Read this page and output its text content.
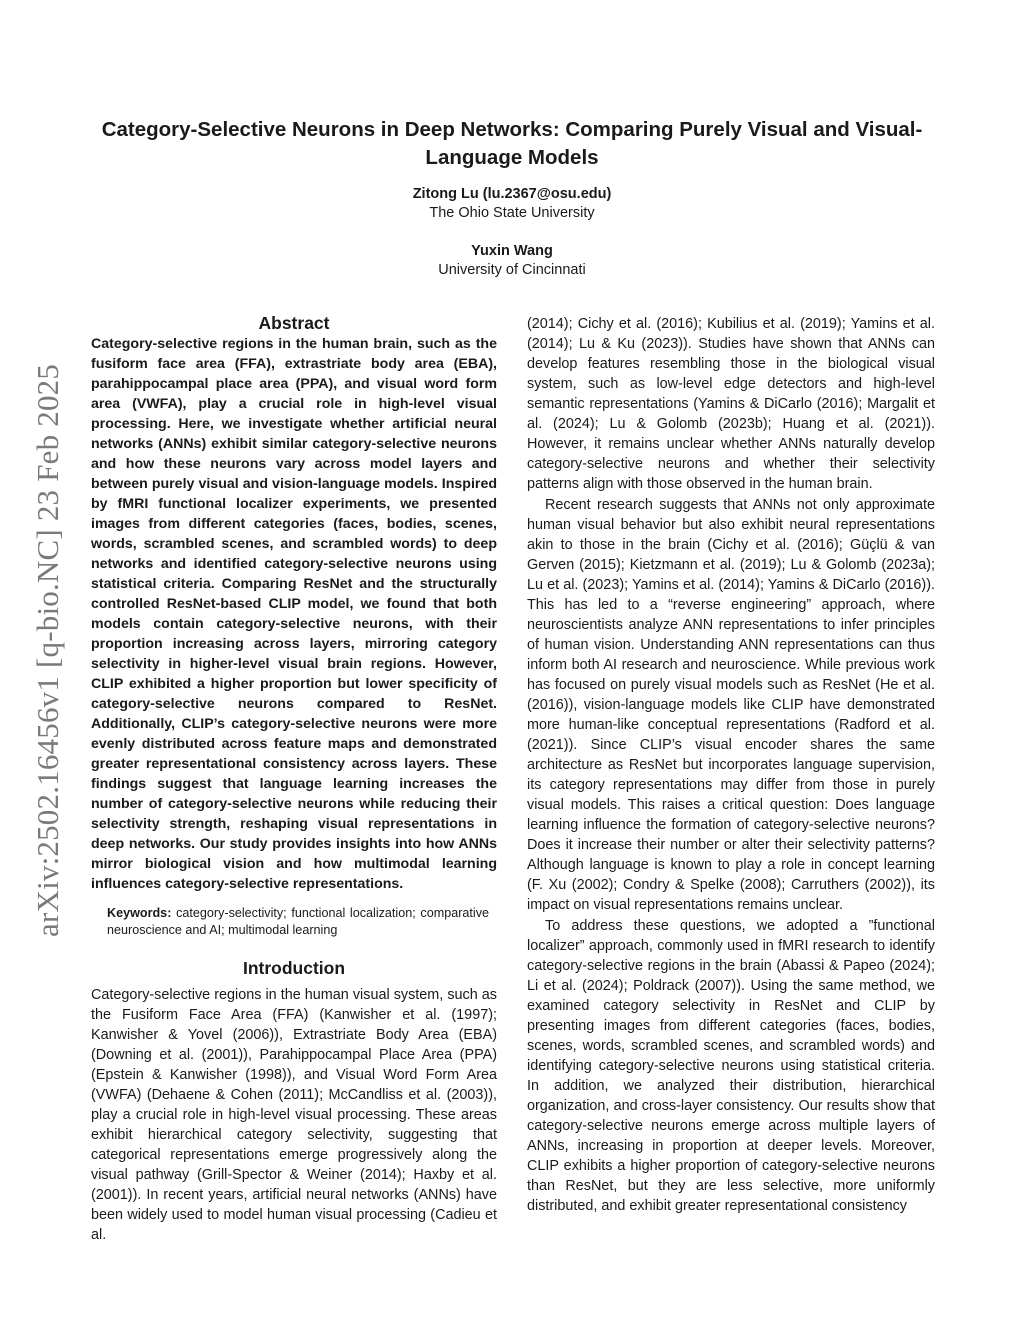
arXiv:2502.16456v1 [q-bio.NC] 23 Feb 2025
Category-Selective Neurons in Deep Networks: Comparing Purely Visual and Visual-Language Models
Zitong Lu (lu.2367@osu.edu)
The Ohio State University
Yuxin Wang
University of Cincinnati

Abstract

Category-selective regions in the human brain, such as the fusiform face area (FFA), extrastriate body area (EBA), parahippocampal place area (PPA), and visual word form area (VWFA), play a crucial role in high-level visual processing. Here, we investigate whether artificial neural networks (ANNs) exhibit similar category-selective neurons and how these neurons vary across model layers and between purely visual and vision-language models. Inspired by fMRI functional localizer experiments, we presented images from different categories (faces, bodies, scenes, words, scrambled scenes, and scrambled words) to deep networks and identified category-selective neurons using statistical criteria. Comparing ResNet and the structurally controlled ResNet-based CLIP model, we found that both models contain category-selective neurons, with their proportion increasing across layers, mirroring category selectivity in higher-level visual brain regions. However, CLIP exhibited a higher proportion but lower specificity of category-selective neurons compared to ResNet. Additionally, CLIP’s category-selective neurons were more evenly distributed across feature maps and demonstrated greater representational consistency across layers. These findings suggest that language learning increases the number of category-selective neurons while reducing their selectivity strength, reshaping visual representations in deep networks. Our study provides insights into how ANNs mirror biological vision and how multimodal learning influences category-selective representations.

Keywords: category-selectivity; functional localization; comparative neuroscience and AI; multimodal learning

Introduction

Category-selective regions in the human visual system, such as the Fusiform Face Area (FFA) (Kanwisher et al. (1997); Kanwisher & Yovel (2006)), Extrastriate Body Area (EBA) (Downing et al. (2001)), Parahippocampal Place Area (PPA) (Epstein & Kanwisher (1998)), and Visual Word Form Area (VWFA) (Dehaene & Cohen (2011); McCandliss et al. (2003)), play a crucial role in high-level visual processing. These areas exhibit hierarchical category selectivity, suggesting that categorical representations emerge progressively along the visual pathway (Grill-Spector & Weiner (2014); Haxby et al. (2001)). In recent years, artificial neural networks (ANNs) have been widely used to model human visual processing (Cadieu et al.

(2014); Cichy et al. (2016); Kubilius et al. (2019); Yamins et al. (2014); Lu & Ku (2023)). Studies have shown that ANNs can develop features resembling those in the biological visual system, such as low-level edge detectors and high-level semantic representations (Yamins & DiCarlo (2016); Margalit et al. (2024); Lu & Golomb (2023b); Huang et al. (2021)). However, it remains unclear whether ANNs naturally develop category-selective neurons and whether their selectivity patterns align with those observed in the human brain.

Recent research suggests that ANNs not only approximate human visual behavior but also exhibit neural representations akin to those in the brain (Cichy et al. (2016); Güçlü & van Gerven (2015); Kietzmann et al. (2019); Lu & Golomb (2023a); Lu et al. (2023); Yamins et al. (2014); Yamins & DiCarlo (2016)). This has led to a “reverse engineering” approach, where neuroscientists analyze ANN representations to infer principles of human vision. Understanding ANN representations can thus inform both AI research and neuroscience. While previous work has focused on purely visual models such as ResNet (He et al. (2016)), vision-language models like CLIP have demonstrated more human-like conceptual representations (Radford et al. (2021)). Since CLIP’s visual encoder shares the same architecture as ResNet but incorporates language supervision, its category representations may differ from those in purely visual models. This raises a critical question: Does language learning influence the formation of category-selective neurons? Does it increase their number or alter their selectivity patterns? Although language is known to play a role in concept learning (F. Xu (2002); Condry & Spelke (2008); Carruthers (2002)), its impact on visual representations remains unclear.

To address these questions, we adopted a ”functional localizer” approach, commonly used in fMRI research to identify category-selective regions in the brain (Abassi & Papeo (2024); Li et al. (2024); Poldrack (2007)). Using the same method, we examined category selectivity in ResNet and CLIP by presenting images from different categories (faces, bodies, scenes, words, scrambled scenes, and scrambled words) and identifying category-selective neurons using statistical criteria. In addition, we analyzed their distribution, hierarchical organization, and cross-layer consistency. Our results show that category-selective neurons emerge across multiple layers of ANNs, increasing in proportion at deeper levels. Moreover, CLIP exhibits a higher proportion of category-selective neurons than ResNet, but they are less selective, more uniformly distributed, and exhibit greater representational consistency
